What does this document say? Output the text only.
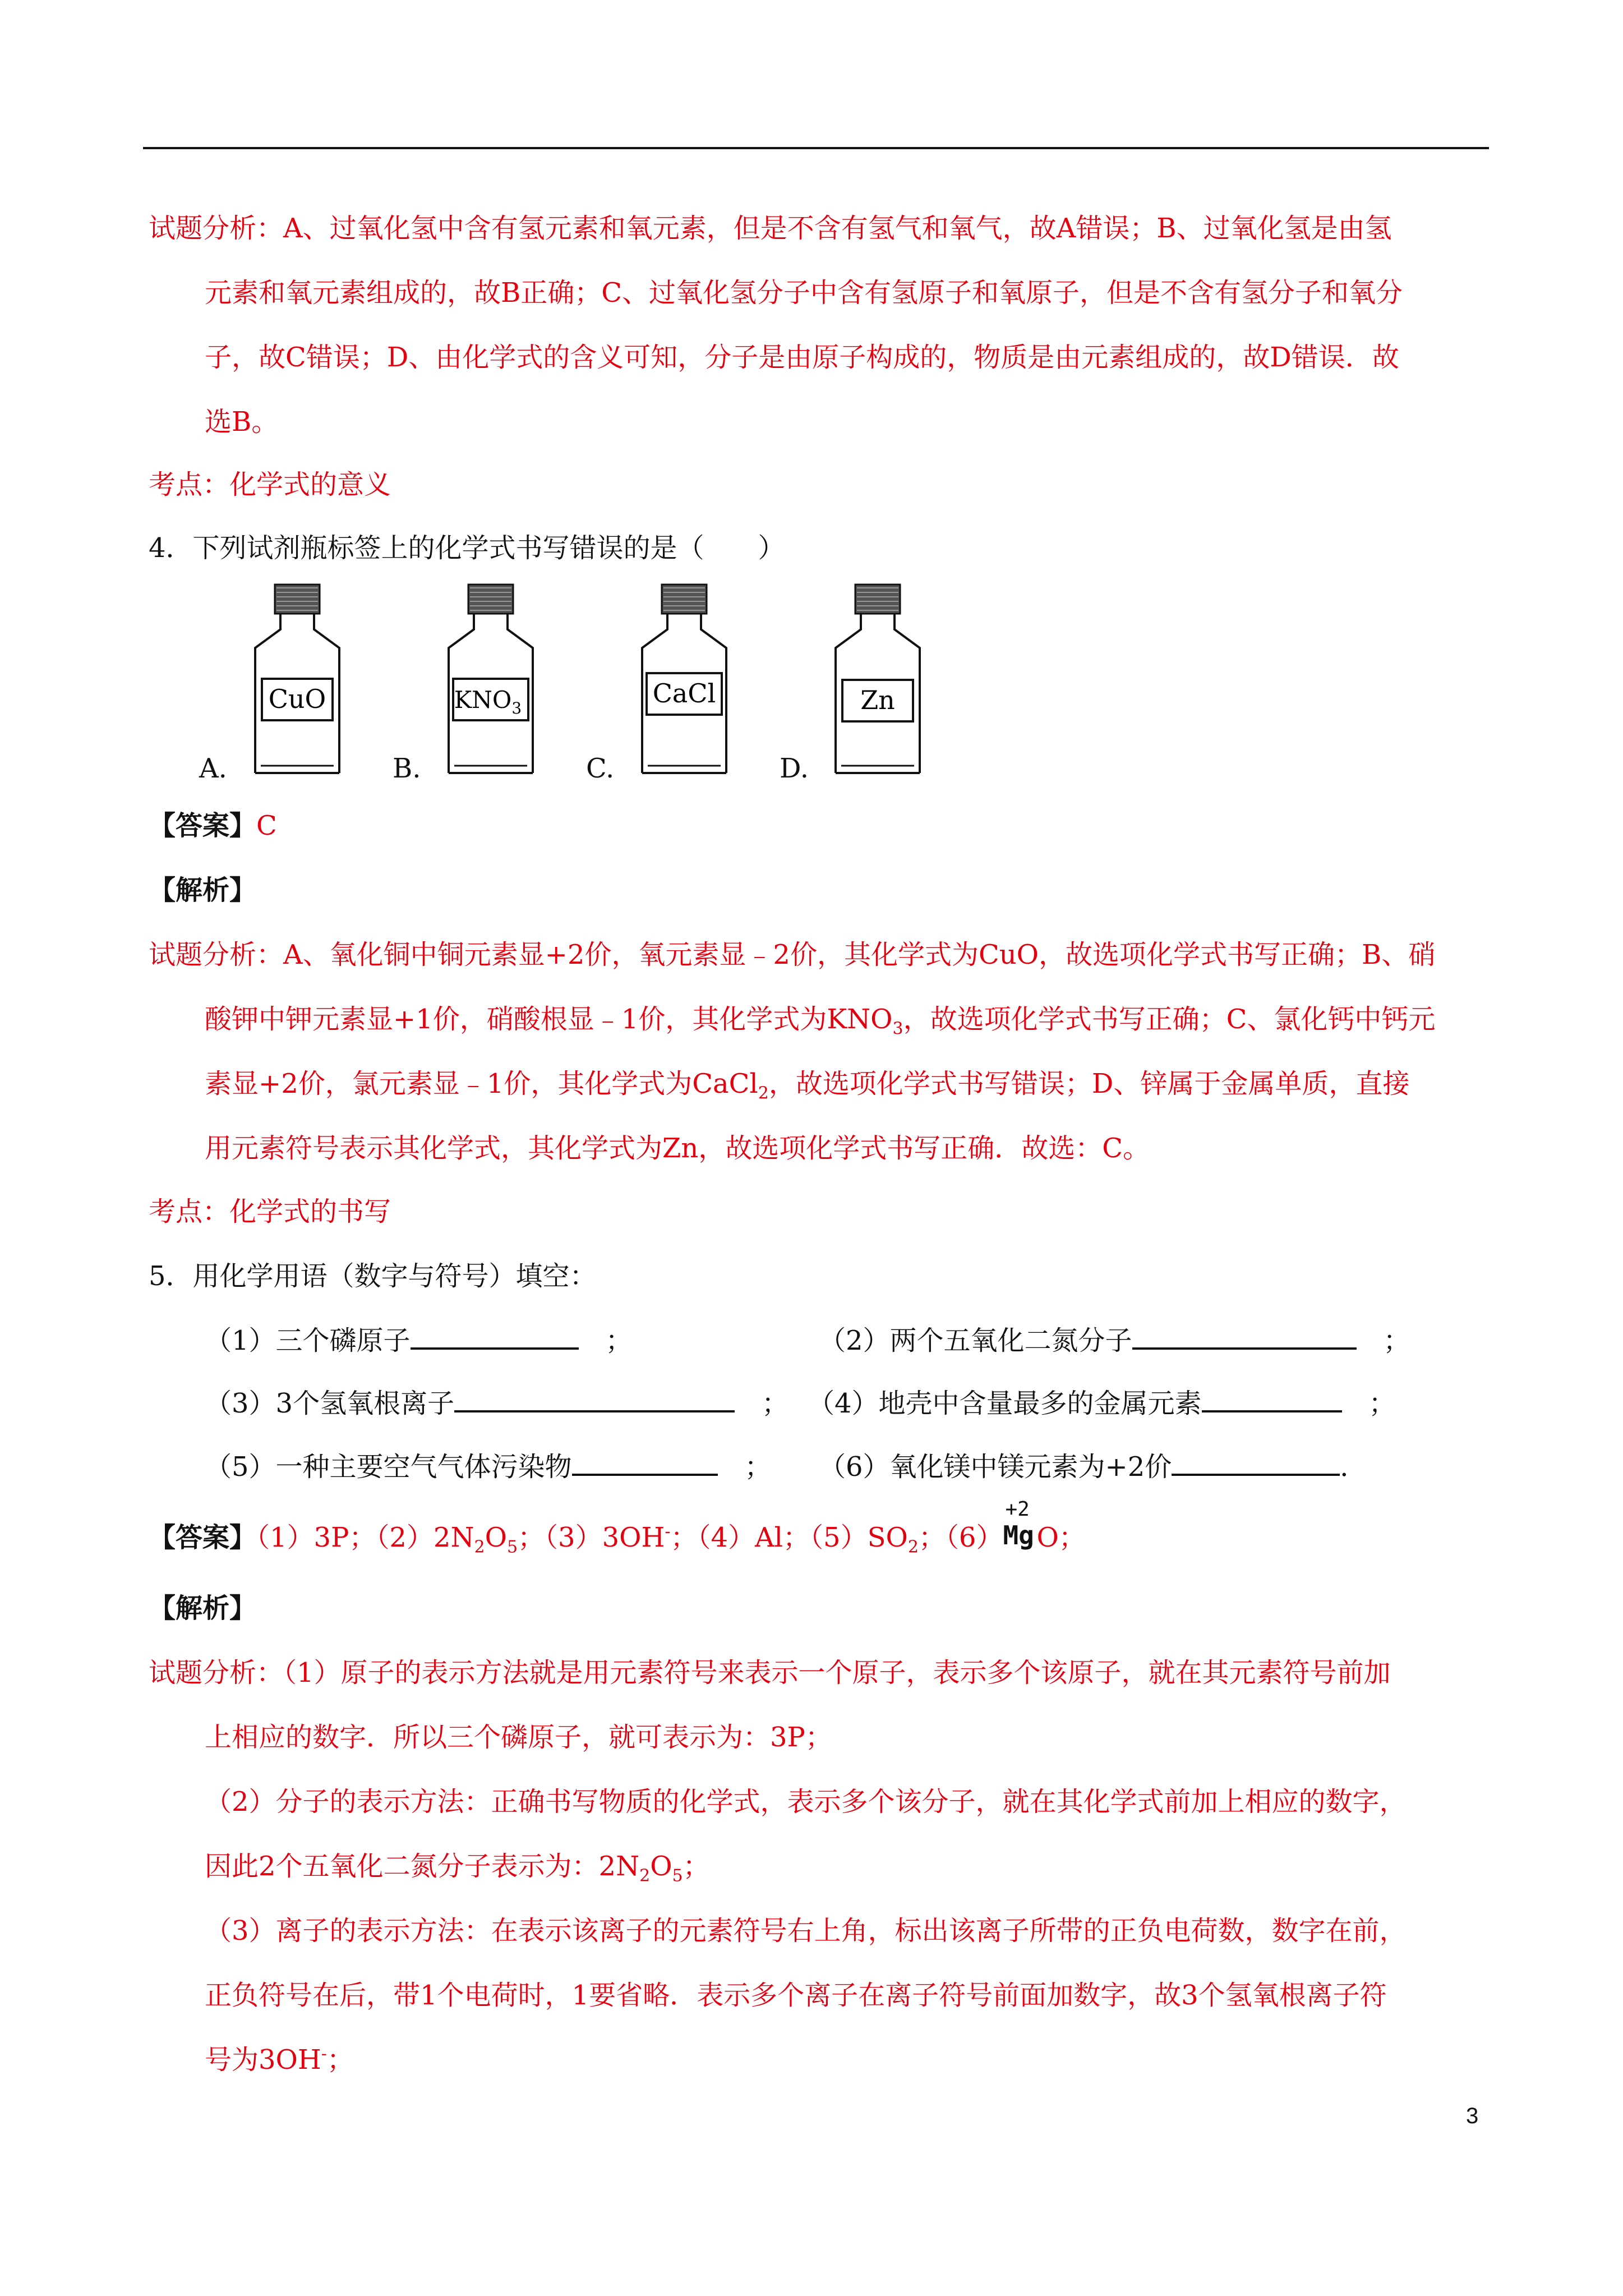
试题分析：A、过氧化氢中含有氢元素和氧元素，但是不含有氢气和氧气，故A错误；B、过氧化氢是由氢
元素和氧元素组成的，故B正确；C、过氧化氢分子中含有氢原子和氧原子，但是不含有氢分子和氧分
子，故C错误；D、由化学式的含义可知，分子是由原子构成的，物质是由元素组成的，故D错误．故
选B。
考点：化学式的意义
4．下列试剂瓶标签上的化学式书写错误的是（　　）
A.
CuO
B.
$KNO_3$
C.
CaCl
D.
Zn
【答案】C
【解析】
试题分析：A、氧化铜中铜元素显+2价，氧元素显﹣2价，其化学式为CuO，故选项化学式书写正确；B、硝
酸钾中钾元素显+1价，硝酸根显﹣1价，其化学式为$KNO_3$，故选项化学式书写正确；C、氯化钙中钙元
素显+2价，氯元素显﹣1价，其化学式为CaCl$_2$，故选项化学式书写错误；D、锌属于金属单质，直接
用元素符号表示其化学式，其化学式为Zn，故选项化学式书写正确．故选：C。
考点：化学式的书写
5．用化学用语（数字与符号）填空：
（1）三个磷原子	　；	（2）两个五氧化二氮分子	　；
（3）3个氢氧根离子	　； （4）地壳中含量最多的金属元素	　；
（5）一种主要空气气体污染物	　； （6）氧化镁中镁元素为+2价	．
【答案】（1）3P；$(2)2N_2O_5$；（3）3OH-；（4）Al；$(5)SO_2$；（6）
+2
Mg O；
【解析】
试题分析：（1）原子的表示方法就是用元素符号来表示一个原子，表示多个该原子，就在其元素符号前加
上相应的数字．所以三个磷原子，就可表示为：3P；
（2）分子的表示方法：正确书写物质的化学式，表示多个该分子，就在其化学式前加上相应的数字，
因此2个五氧化二氮分子表示为：$2N_2O_5$；
（3）离子的表示方法：在表示该离子的元素符号右上角，标出该离子所带的正负电荷数，数字在前，
正负符号在后，带1个电荷时，1要省略．表示多个离子在离子符号前面加数字，故3个氢氧根离子符
号为3OH-；
3
